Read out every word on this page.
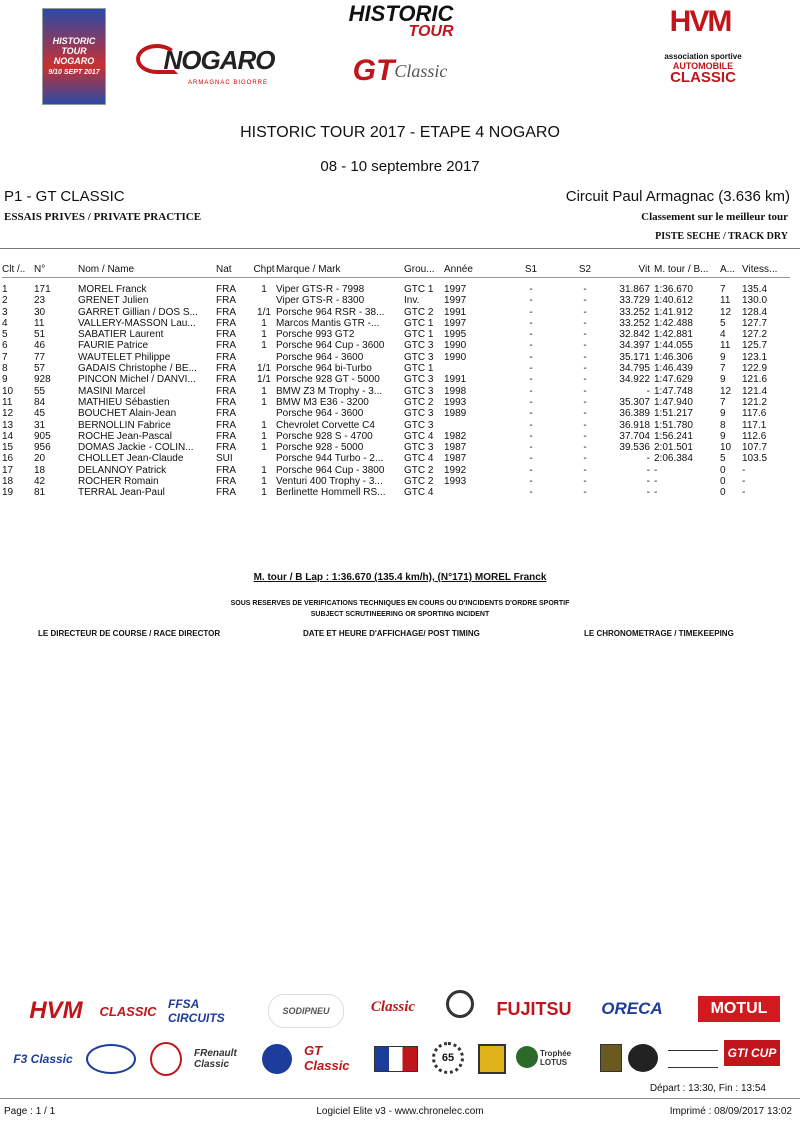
HISTORIC
TOUR
NOGARO
9/10 SEPT 2017 NOGARO
ARMAGNAC BIGORRE
HISTORIC
TOUR
GT Classic
HVM
association sportive
AUTOMOBILE
CLASSIC
HISTORIC TOUR 2017 - ETAPE 4 NOGARO
08 - 10 septembre 2017
P1 - GT CLASSIC	Circuit Paul Armagnac (3.636 km)
ESSAIS PRIVES / PRIVATE PRACTICE	Classement sur le meilleur tour
PISTE SECHE / TRACK DRY
Clt /..	N°	Nom / Name	Nat	Chpt	Marque / Mark	Grou...	Année	S1	S2	Vit	M. tour / B...	A...	Vitess...
1	171	MOREL Franck	FRA	1	Viper GTS-R - 7998	GTC 1	1997	-	-	31.867	1:36.670	7	135.4
2	23	GRENET Julien	FRA		Viper GTS-R - 8300	Inv.	1997	-	-	33.729	1:40.612	11	130.0
3	30	GARRET Gillian / DOS S...	FRA	1/1	Porsche 964 RSR - 38...	GTC 2	1991	-	-	33.252	1:41.912	12	128.4
4	11	VALLERY-MASSON Lau...	FRA	1	Marcos Mantis GTR -...	GTC 1	1997	-	-	33.252	1:42.488	5	127.7
5	51	SABATIER Laurent	FRA	1	Porsche 993 GT2	GTC 1	1995	-	-	32.842	1:42.881	4	127.2
6	46	FAURIE Patrice	FRA	1	Porsche 964 Cup - 3600	GTC 3	1990	-	-	34.397	1:44.055	11	125.7
7	77	WAUTELET Philippe	FRA		Porsche 964 - 3600	GTC 3	1990	-	-	35.171	1:46.306	9	123.1
8	57	GADAIS Christophe / BE...	FRA	1/1	Porsche 964 bi-Turbo	GTC 1		-	-	34.795	1:46.439	7	122.9
9	928	PINCON Michel / DANVI...	FRA	1/1	Porsche 928 GT - 5000	GTC 3	1991	-	-	34.922	1:47.629	9	121.6
10	55	MASINI Marcel	FRA	1	BMW Z3 M Trophy - 3...	GTC 3	1998	-	-	-	1:47.748	12	121.4
11	84	MATHIEU Sébastien	FRA	1	BMW M3 E36 - 3200	GTC 2	1993	-	-	35.307	1:47.940	7	121.2
12	45	BOUCHET Alain-Jean	FRA		Porsche 964 - 3600	GTC 3	1989	-	-	36.389	1:51.217	9	117.6
13	31	BERNOLLIN Fabrice	FRA	1	Chevrolet Corvette C4	GTC 3		-	-	36.918	1:51.780	8	117.1
14	905	ROCHE Jean-Pascal	FRA	1	Porsche 928 S - 4700	GTC 4	1982	-	-	37.704	1:56.241	9	112.6
15	956	DOMAS Jackie - COLIN...	FRA	1	Porsche 928 - 5000	GTC 3	1987	-	-	39.536	2:01.501	10	107.7
16	20	CHOLLET Jean-Claude	SUI		Porsche 944 Turbo - 2...	GTC 4	1987	-	-	-	2:06.384	5	103.5
17	18	DELANNOY Patrick	FRA	1	Porsche 964 Cup - 3800	GTC 2	1992	-	-	-	-	0	-
18	42	ROCHER Romain	FRA	1	Venturi 400 Trophy - 3...	GTC 2	1993	-	-	-	-	0	-
19	81	TERRAL Jean-Paul	FRA	1	Berlinette Hommell RS...	GTC 4		-	-	-	-	0	-
M. tour / B Lap : 1:36.670 (135.4 km/h), (N°171) MOREL Franck
SOUS RESERVES DE VERIFICATIONS TECHNIQUES EN COURS OU D'INCIDENTS D'ORDRE SPORTIF
SUBJECT SCRUTINEERING OR SPORTING INCIDENT
LE DIRECTEUR DE COURSE / RACE DIRECTOR	DATE ET HEURE D'AFFICHAGE/ POST TIMING	LE CHRONOMETRAGE / TIMEKEEPING
HVM	CLASSIC FFSA CIRCUITS	SODIPNEU	Classic	FUJITSU	ORECA	MOTUL
F3 Classic	FRenault Classic
GT Classic	65	Trophée LOTUS
GTI CUP
Départ : 13:30, Fin : 13:54
Page : 1 / 1	Logiciel Elite v3 - www.chronelec.com	Imprimé : 08/09/2017 13:02
